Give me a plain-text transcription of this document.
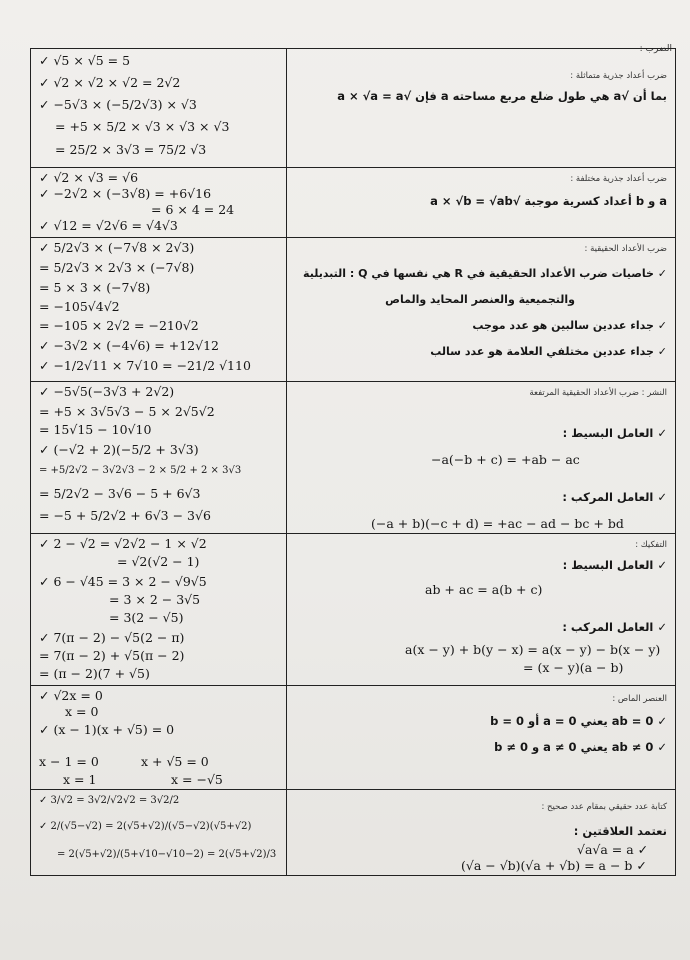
الضرب :
ضرب أعداد جذرية متماثلة :
بما أن √a هي طول ضلع مربع مساحته a فإن √a × √a = a
✓ √5 × √5 = 5
✓ √2 × √2 × √2 = 2√2
✓ −5√3 × (−5/2√3) × √3
= +5 × 5/2 × √3 × √3 × √3
= 25/2 × 3√3 = 75/2 √3
ضرب أعداد جذرية مختلفة :
a و b أعداد كسرية موجبة √a × √b = √ab
✓ √2 × √3 = √6
✓ −2√2 × (−3√8) = +6√16
= 6 × 4 = 24
✓ √12 = √2√6 = √4√3
ضرب الأعداد الحقيقية :
✓ خاصيات ضرب الأعداد الحقيقية في R هي نفسها في Q : التبديلية
والتجميعية والعنصر المحايد والماص
✓ جداء عددين سالبين هو عدد موجب
✓ جداء عددين مختلفي العلامة هو عدد سالب
✓ 5/2√3 × (−7√8 × 2√3)
= 5/2√3 × 2√3 × (−7√8)
= 5 × 3 × (−7√8)
= −105√4√2
= −105 × 2√2 = −210√2
✓ −3√2 × (−4√6) = +12√12
✓ −1/2√11 × 7√10 = −21/2 √110
النشر : ضرب الأعداد الحقيقية المرتفعة
✓ العامل البسيط :
−a(−b + c) = +ab − ac
✓ العامل المركب :
(−a + b)(−c + d) = +ac − ad − bc + bd
✓ −5√5(−3√3 + 2√2)
= +5 × 3√5√3 − 5 × 2√5√2
= 15√15 − 10√10
✓ (−√2 + 2)(−5/2 + 3√3)
= +5/2√2 − 3√2√3 − 2 × 5/2 + 2 × 3√3
= 5/2√2 − 3√6 − 5 + 6√3
= −5 + 5/2√2 + 6√3 − 3√6
التفكيك :
✓ العامل البسيط :
ab + ac = a(b + c)
✓ العامل المركب :
a(x − y) + b(y − x) = a(x − y) − b(x − y)
= (x − y)(a − b)
✓ 2 − √2 = √2√2 − 1 × √2
= √2(√2 − 1)
✓ 6 − √45 = 3 × 2 − √9√5
= 3 × 2 − 3√5
= 3(2 − √5)
✓ 7(π − 2) − √5(2 − π)
= 7(π − 2) + √5(π − 2)
= (π − 2)(7 + √5)
العنصر الماص :
✓ ab = 0 يعني a = 0 أو b = 0
✓ ab ≠ 0 يعني a ≠ 0 و b ≠ 0
✓ √2x = 0
x = 0
✓ (x − 1)(x + √5) = 0
x − 1 = 0	x + √5 = 0
x = 1	x = −√5
كتابة عدد حقيقي بمقام عدد صحيح :
نعتمد العلاقتين :
√a√a = a ✓
(√a − √b)(√a + √b) = a − b ✓
✓ 3/√2 = 3√2/√2√2 = 3√2/2
✓ 2/(√5−√2) = 2(√5+√2)/(√5−√2)(√5+√2)
= 2(√5+√2)/(5+√10−√10−2) = 2(√5+√2)/3
